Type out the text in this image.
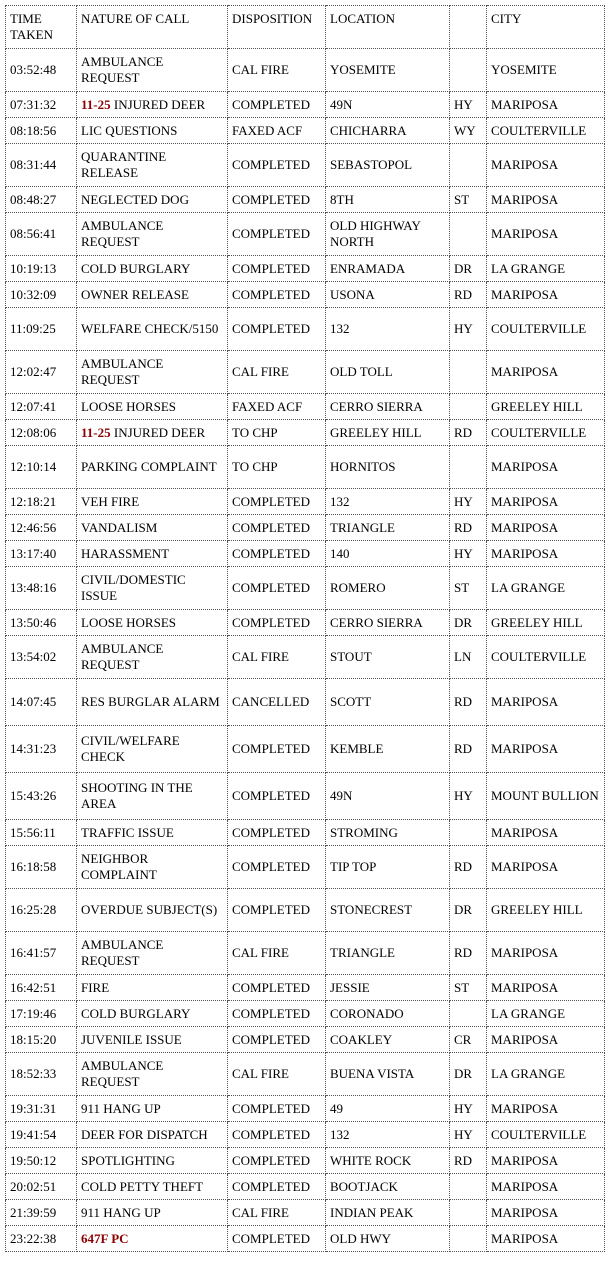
TIME TAKEN	NATURE OF CALL	DISPOSITION	LOCATION		CITY
03:52:48	AMBULANCE REQUEST	CAL FIRE	YOSEMITE		YOSEMITE
07:31:32	11-25 INJURED DEER	COMPLETED	49N	HY	MARIPOSA
08:18:56	LIC QUESTIONS	FAXED ACF	CHICHARRA	WY	COULTERVILLE
08:31:44	QUARANTINE RELEASE	COMPLETED	SEBASTOPOL		MARIPOSA
08:48:27	NEGLECTED DOG	COMPLETED	8TH	ST	MARIPOSA
08:56:41	AMBULANCE REQUEST	COMPLETED	OLD HIGHWAY NORTH		MARIPOSA
10:19:13	COLD BURGLARY	COMPLETED	ENRAMADA	DR	LA GRANGE
10:32:09	OWNER RELEASE	COMPLETED	USONA	RD	MARIPOSA
11:09:25	WELFARE CHECK/5150	COMPLETED	132	HY	COULTERVILLE
12:02:47	AMBULANCE REQUEST	CAL FIRE	OLD TOLL		MARIPOSA
12:07:41	LOOSE HORSES	FAXED ACF	CERRO SIERRA		GREELEY HILL
12:08:06	11-25 INJURED DEER	TO CHP	GREELEY HILL	RD	COULTERVILLE
12:10:14	PARKING COMPLAINT	TO CHP	HORNITOS		MARIPOSA
12:18:21	VEH FIRE	COMPLETED	132	HY	MARIPOSA
12:46:56	VANDALISM	COMPLETED	TRIANGLE	RD	MARIPOSA
13:17:40	HARASSMENT	COMPLETED	140	HY	MARIPOSA
13:48:16	CIVIL/DOMESTIC ISSUE	COMPLETED	ROMERO	ST	LA GRANGE
13:50:46	LOOSE HORSES	COMPLETED	CERRO SIERRA	DR	GREELEY HILL
13:54:02	AMBULANCE REQUEST	CAL FIRE	STOUT	LN	COULTERVILLE
14:07:45	RES BURGLAR ALARM	CANCELLED	SCOTT	RD	MARIPOSA
14:31:23	CIVIL/WELFARE CHECK	COMPLETED	KEMBLE	RD	MARIPOSA
15:43:26	SHOOTING IN THE AREA	COMPLETED	49N	HY	MOUNT BULLION
15:56:11	TRAFFIC ISSUE	COMPLETED	STROMING		MARIPOSA
16:18:58	NEIGHBOR COMPLAINT	COMPLETED	TIP TOP	RD	MARIPOSA
16:25:28	OVERDUE SUBJECT(S)	COMPLETED	STONECREST	DR	GREELEY HILL
16:41:57	AMBULANCE REQUEST	CAL FIRE	TRIANGLE	RD	MARIPOSA
16:42:51	FIRE	COMPLETED	JESSIE	ST	MARIPOSA
17:19:46	COLD BURGLARY	COMPLETED	CORONADO		LA GRANGE
18:15:20	JUVENILE ISSUE	COMPLETED	COAKLEY	CR	MARIPOSA
18:52:33	AMBULANCE REQUEST	CAL FIRE	BUENA VISTA	DR	LA GRANGE
19:31:31	911 HANG UP	COMPLETED	49	HY	MARIPOSA
19:41:54	DEER FOR DISPATCH	COMPLETED	132	HY	COULTERVILLE
19:50:12	SPOTLIGHTING	COMPLETED	WHITE ROCK	RD	MARIPOSA
20:02:51	COLD PETTY THEFT	COMPLETED	BOOTJACK		MARIPOSA
21:39:59	911 HANG UP	CAL FIRE	INDIAN PEAK		MARIPOSA
23:22:38	647F PC	COMPLETED	OLD HWY		MARIPOSA
